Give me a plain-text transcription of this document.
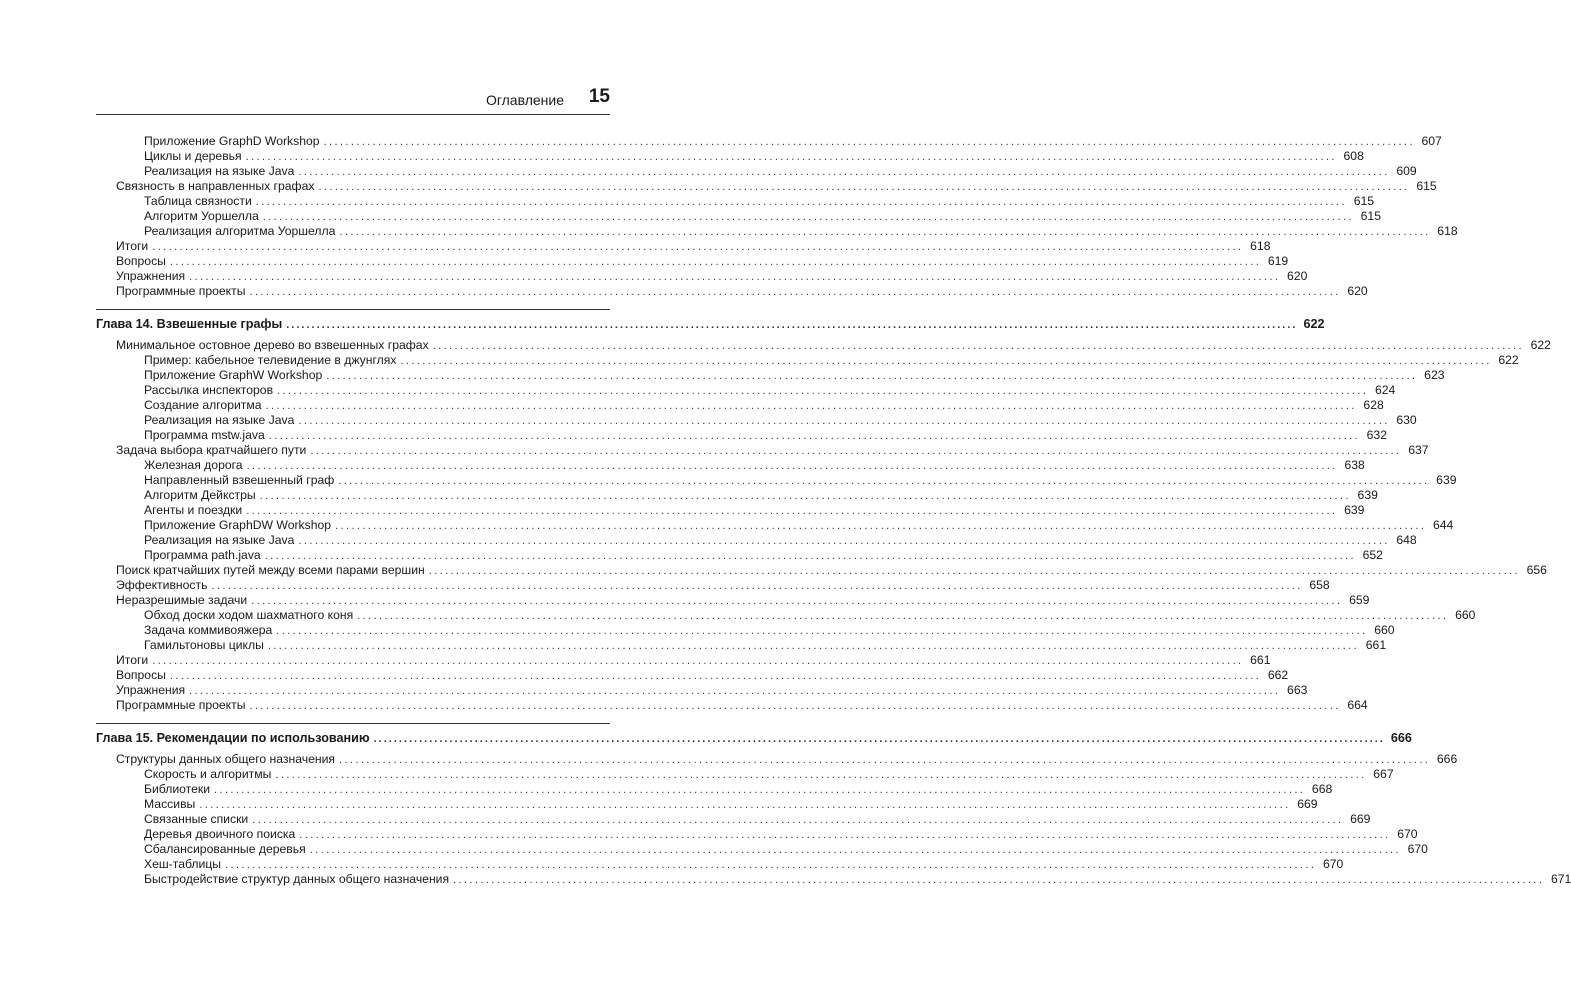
Оглавление 15
Приложение GraphD Workshop ........................................................................................................................................................................................................ 607
Циклы и деревья ........................................................................................................................................................................................................ 608
Реализация на языке Java ........................................................................................................................................................................................................ 609
Связность в направленных графах ........................................................................................................................................................................................................ 615
Таблица связности ........................................................................................................................................................................................................ 615
Алгоритм Уоршелла ........................................................................................................................................................................................................ 615
Реализация алгоритма Уоршелла ........................................................................................................................................................................................................ 618
Итоги ........................................................................................................................................................................................................ 618
Вопросы ........................................................................................................................................................................................................ 619
Упражнения ........................................................................................................................................................................................................ 620
Программные проекты ........................................................................................................................................................................................................ 620
Глава 14. Взвешенные графы ........................................................................................................................................................................................................ 622
Минимальное остовное дерево во взвешенных графах ........................................................................................................................................................................................................ 622
Пример: кабельное телевидение в джунглях ........................................................................................................................................................................................................ 622
Приложение GraphW Workshop ........................................................................................................................................................................................................ 623
Рассылка инспекторов ........................................................................................................................................................................................................ 624
Создание алгоритма ........................................................................................................................................................................................................ 628
Реализация на языке Java ........................................................................................................................................................................................................ 630
Программа mstw.java ........................................................................................................................................................................................................ 632
Задача выбора кратчайшего пути ........................................................................................................................................................................................................ 637
Железная дорога ........................................................................................................................................................................................................ 638
Направленный взвешенный граф ........................................................................................................................................................................................................ 639
Алгоритм Дейкстры ........................................................................................................................................................................................................ 639
Агенты и поездки ........................................................................................................................................................................................................ 639
Приложение GraphDW Workshop ........................................................................................................................................................................................................ 644
Реализация на языке Java ........................................................................................................................................................................................................ 648
Программа path.java ........................................................................................................................................................................................................ 652
Поиск кратчайших путей между всеми парами вершин ........................................................................................................................................................................................................ 656
Эффективность ........................................................................................................................................................................................................ 658
Неразрешимые задачи ........................................................................................................................................................................................................ 659
Обход доски ходом шахматного коня ........................................................................................................................................................................................................ 660
Задача коммивояжера ........................................................................................................................................................................................................ 660
Гамильтоновы циклы ........................................................................................................................................................................................................ 661
Итоги ........................................................................................................................................................................................................ 661
Вопросы ........................................................................................................................................................................................................ 662
Упражнения ........................................................................................................................................................................................................ 663
Программные проекты ........................................................................................................................................................................................................ 664
Глава 15. Рекомендации по использованию ........................................................................................................................................................................................................ 666
Структуры данных общего назначения ........................................................................................................................................................................................................ 666
Скорость и алгоритмы ........................................................................................................................................................................................................ 667
Библиотеки ........................................................................................................................................................................................................ 668
Массивы ........................................................................................................................................................................................................ 669
Связанные списки ........................................................................................................................................................................................................ 669
Деревья двоичного поиска ........................................................................................................................................................................................................ 670
Сбалансированные деревья ........................................................................................................................................................................................................ 670
Хеш-таблицы ........................................................................................................................................................................................................ 670
Быстродействие структур данных общего назначения ........................................................................................................................................................................................................ 671
